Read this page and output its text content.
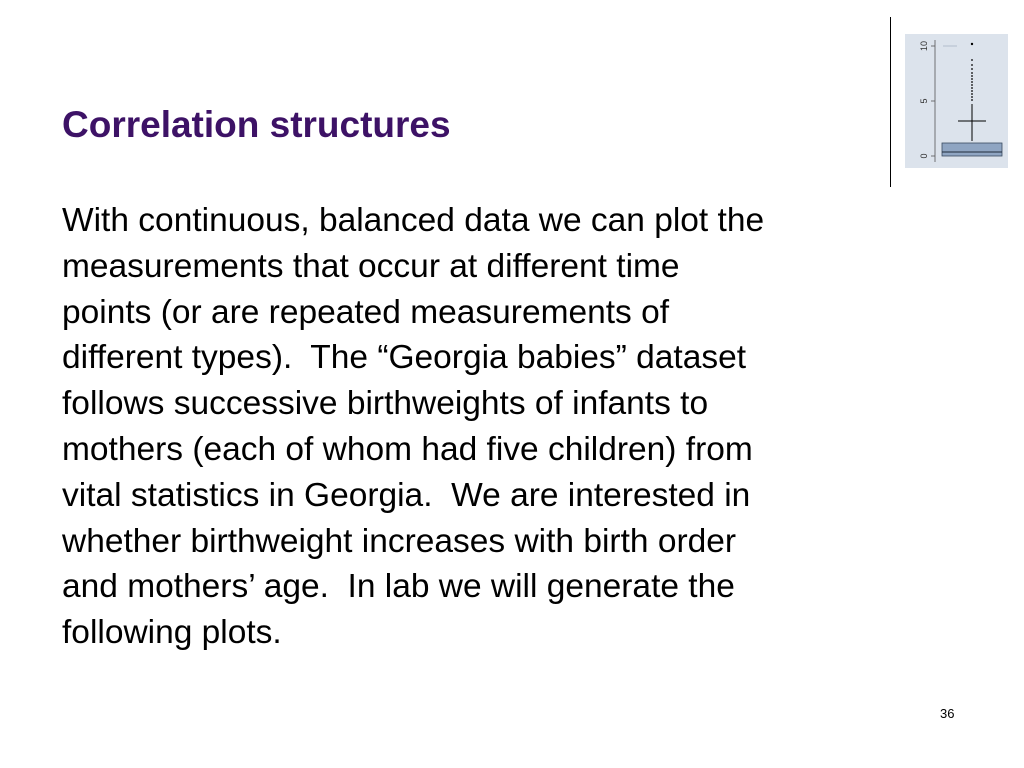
Correlation structures

With continuous, balanced data we can plot the
measurements that occur at different time
points (or are repeated measurements of
different types).  The “Georgia babies” dataset
follows successive birthweights of infants to
mothers (each of whom had five children) from
vital statistics in Georgia.  We are interested in
whether birthweight increases with birth order
and mothers’ age.  In lab we will generate the
following plots.

0
5
10
36
